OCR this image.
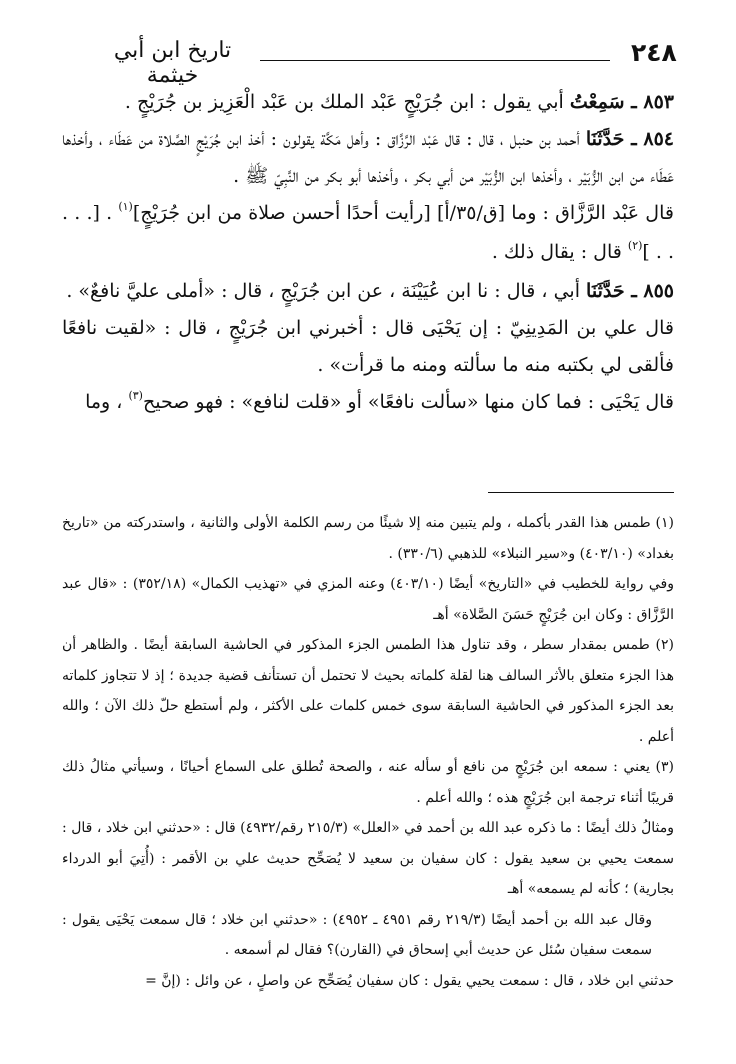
٢٤٨
تاريخ ابن أبي خيثمة

٨٥٣ ـ سَمِعْتُ أبي يقول : ابن جُرَيْجٍ عَبْد الملك بن عَبْد الْعَزِيز بن جُرَيْجٍ .

٨٥٤ ـ حَدَّثَنَا أحمد بن حنبل ، قال : قال عَبْد الرَّزَّاق : وأهل مَكَّة يقولون : أخذ ابن جُرَيْجٍ الصَّلاة من عَطَاء ، وأخذها عَطَاء من ابن الزُّبَيْر ، وأخذها ابن الزُّبَيْر من أبي بكر ، وأخذها أبو بكر من النَّبِيّ ﷺ .

قال عَبْد الرَّزَّاق : وما [ق/٣٥/أ] [رأيت أحدًا أحسن صلاة من ابن جُرَيْجٍ]$^{(١)}$ . [. . . . . ]$^{(٢)}$ قال : يقال ذلك .

٨٥٥ ـ حَدَّثَنَا أبي ، قال : نا ابن عُيَيْنَة ، عن ابن جُرَيْجٍ ، قال : «أملى عليَّ نافعٌ» .

قال علي بن المَدِينِيّ : إن يَحْيَى قال : أخبرني ابن جُرَيْجٍ ، قال : «لقيت نافعًا فألقى لي بكتبه منه ما سألته ومنه ما قرأت» .

قال يَحْيَى : فما كان منها «سألت نافعًا» أو «قلت لنافع» : فهو صحيح$^{(٣)}$ ، وما

(١) طمس هذا القدر بأكمله ، ولم يتبين منه إلا شيئًا من رسم الكلمة الأولى والثانية ، واستدركته من «تاريخ بغداد» (٤٠٣/١٠) و«سير النبلاء» للذهبي (٣٣٠/٦) .

وفي رواية للخطيب في «التاريخ» أيضًا (٤٠٣/١٠) وعنه المزي في «تهذيب الكمال» (٣٥٢/١٨) : «قال عبد الرَّزَّاق : وكان ابن جُرَيْجٍ حَسَنَ الصَّلاة» أهـ

(٢) طمس بمقدار سطر ، وقد تناول هذا الطمس الجزء المذكور في الحاشية السابقة أيضًا . والظاهر أن هذا الجزء متعلق بالأثر السالف هنا لقلة كلماته بحيث لا تحتمل أن تستأنف قضية جديدة ؛ إذ لا تتجاوز كلماته بعد الجزء المذكور في الحاشية السابقة سوى خمس كلمات على الأكثر ، ولم أستطع حلّ ذلك الآن ؛ والله أعلم .

(٣) يعني : سمعه ابن جُرَيْجٍ من نافع أو سأله عنه ، والصحة تُطلق على السماع أحيانًا ، وسيأتي مثالُ ذلك قريبًا أثناء ترجمة ابن جُرَيْجٍ هذه ؛ والله أعلم .

ومثالُ ذلك أيضًا : ما ذكره عبد الله بن أحمد في «العلل» (٢١٥/٣ رقم/٤٩٣٢) قال : «حدثني ابن خلاد ، قال : سمعت يحيي بن سعيد يقول : كان سفيان بن سعيد لا يُصَحِّح حديث علي بن الأقمر : (أُتِيَ أبو الدرداء بجارية) ؛ كأنه لم يسمعه» أهـ

وقال عبد الله بن أحمد أيضًا (٢١٩/٣ رقم ٤٩٥١ ـ ٤٩٥٢) : «حدثني ابن خلاد ؛ قال سمعت يَحْيَى يقول : سمعت سفيان سُئل عن حديث أبي إسحاق في (القارن)؟ فقال لم أسمعه .

حدثني ابن خلاد ، قال : سمعت يحيي يقول : كان سفيان يُصَحِّح عن واصلٍ ، عن وائل : (إنَّ =
